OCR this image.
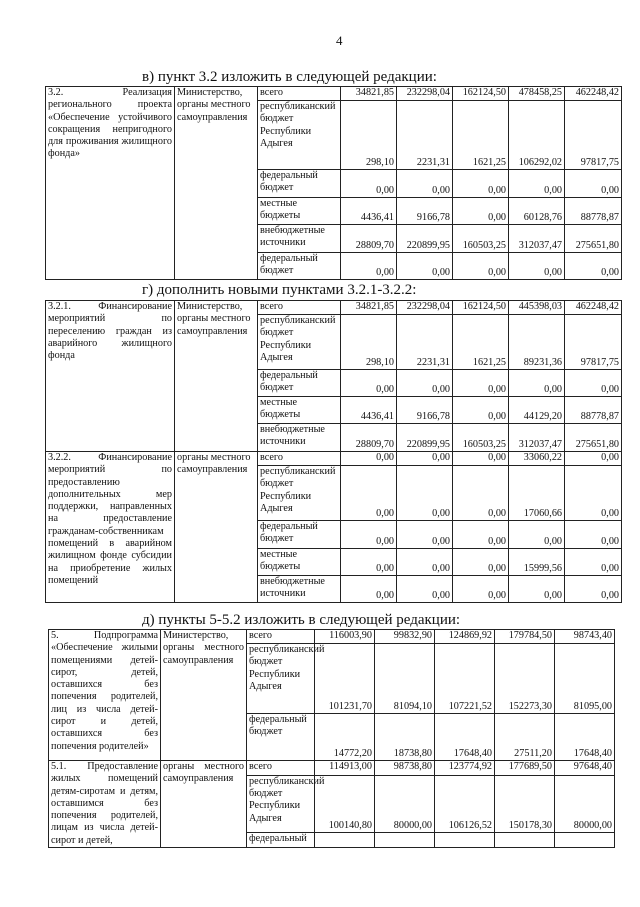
4
в) пункт 3.2 изложить в следующей редакции:
3.2. Реализация регионального проекта «Обеспечение устойчивого сокращения непригодного для проживания жилищного фонда»	Министерство, органы местного самоуправления	всего	34821,85	232298,04	162124,50	478458,25	462248,42
		республиканский бюджет Республики Адыгея	298,10	2231,31	1621,25	106292,02	97817,75
		федеральный бюджет	0,00	0,00	0,00	0,00	0,00
		местные бюджеты	4436,41	9166,78	0,00	60128,76	88778,87
		внебюджетные источники	28809,70	220899,95	160503,25	312037,47	275651,80
		федеральный бюджет	0,00	0,00	0,00	0,00	0,00
г) дополнить новыми пунктами 3.2.1-3.2.2:
3.2.1. Финансирование мероприятий по переселению граждан из аварийного жилищного фонда	Министерство, органы местного самоуправления	всего	34821,85	232298,04	162124,50	445398,03	462248,42
		республиканский бюджет Республики Адыгея	298,10	2231,31	1621,25	89231,36	97817,75
		федеральный бюджет	0,00	0,00	0,00	0,00	0,00
		местные бюджеты	4436,41	9166,78	0,00	44129,20	88778,87
		внебюджетные источники	28809,70	220899,95	160503,25	312037,47	275651,80
3.2.2. Финансирование мероприятий по предоставлению дополнительных мер поддержки, направленных на предоставление гражданам-собственникам помещений в аварийном жилищном фонде субсидии на приобретение жилых помещений	органы местного самоуправления	всего	0,00	0,00	0,00	33060,22	0,00
		республиканский бюджет Республики Адыгея	0,00	0,00	0,00	17060,66	0,00
		федеральный бюджет	0,00	0,00	0,00	0,00	0,00
		местные бюджеты	0,00	0,00	0,00	15999,56	0,00
		внебюджетные источники	0,00	0,00	0,00	0,00	0,00
д) пункты 5-5.2 изложить в следующей редакции:
5. Подпрограмма «Обеспечение жилыми помещениями детей-сирот, детей, оставшихся без попечения родителей, лиц из числа детей-сирот и детей, оставшихся без попечения родителей»	Министерство, органы местного самоуправления	всего	116003,90	99832,90	124869,92	179784,50	98743,40
		республиканский бюджет Республики Адыгея	101231,70	81094,10	107221,52	152273,30	81095,00
		федеральный бюджет	14772,20	18738,80	17648,40	27511,20	17648,40
5.1. Предоставление жилых помещений детям-сиротам и детям, оставшимся без попечения родителей, лицам из числа детей-сирот и детей,	органы местного самоуправления	всего	114913,00	98738,80	123774,92	177689,50	97648,40
		республиканский бюджет Республики Адыгея	100140,80	80000,00	106126,52	150178,30	80000,00
		федеральный					
